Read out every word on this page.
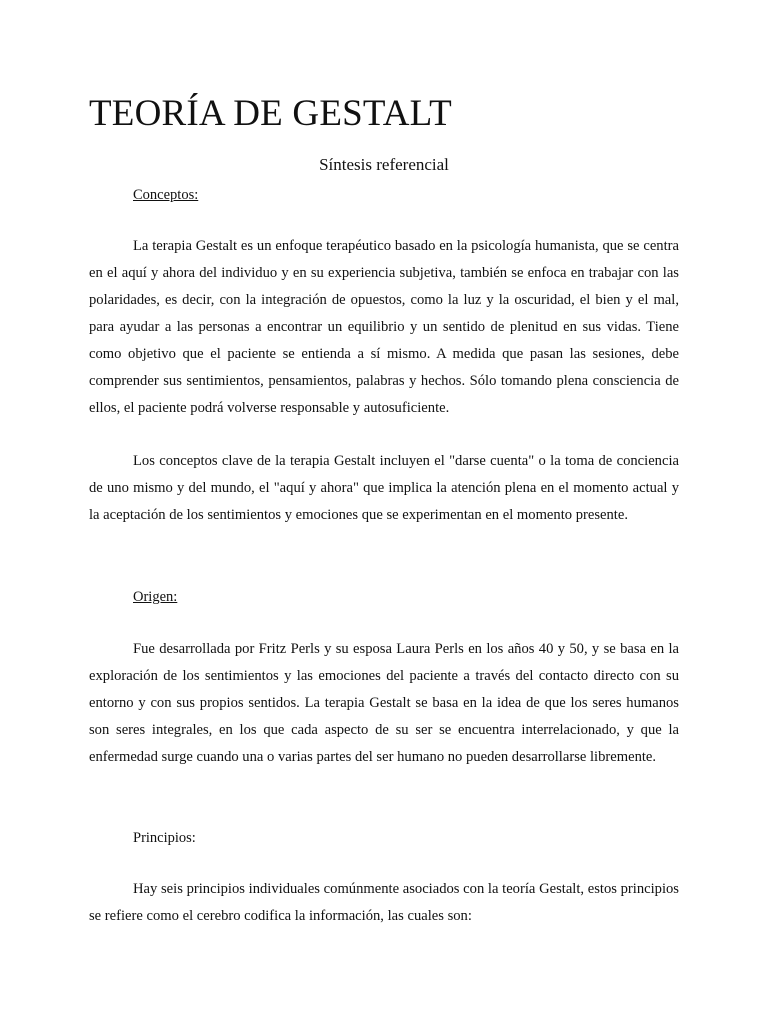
TEORÍA DE GESTALT

Síntesis referencial

Conceptos:

La terapia Gestalt es un enfoque terapéutico basado en la psicología humanista, que se centra en el aquí y ahora del individuo y en su experiencia subjetiva, también se enfoca en trabajar con las polaridades, es decir, con la integración de opuestos, como la luz y la oscuridad, el bien y el mal, para ayudar a las personas a encontrar un equilibrio y un sentido de plenitud en sus vidas. Tiene como objetivo que el paciente se entienda a sí mismo. A medida que pasan las sesiones, debe comprender sus sentimientos, pensamientos, palabras y hechos. Sólo tomando plena consciencia de ellos, el paciente podrá volverse responsable y autosuficiente.

Los conceptos clave de la terapia Gestalt incluyen el "darse cuenta" o la toma de conciencia de uno mismo y del mundo, el "aquí y ahora" que implica la atención plena en el momento actual y la aceptación de los sentimientos y emociones que se experimentan en el momento presente.

Origen:

Fue desarrollada por Fritz Perls y su esposa Laura Perls en los años 40 y 50, y se basa en la exploración de los sentimientos y las emociones del paciente a través del contacto directo con su entorno y con sus propios sentidos. La terapia Gestalt se basa en la idea de que los seres humanos son seres integrales, en los que cada aspecto de su ser se encuentra interrelacionado, y que la enfermedad surge cuando una o varias partes del ser humano no pueden desarrollarse libremente.

Principios:

Hay seis principios individuales comúnmente asociados con la teoría Gestalt, estos principios se refiere como el cerebro codifica la información, las cuales son:
